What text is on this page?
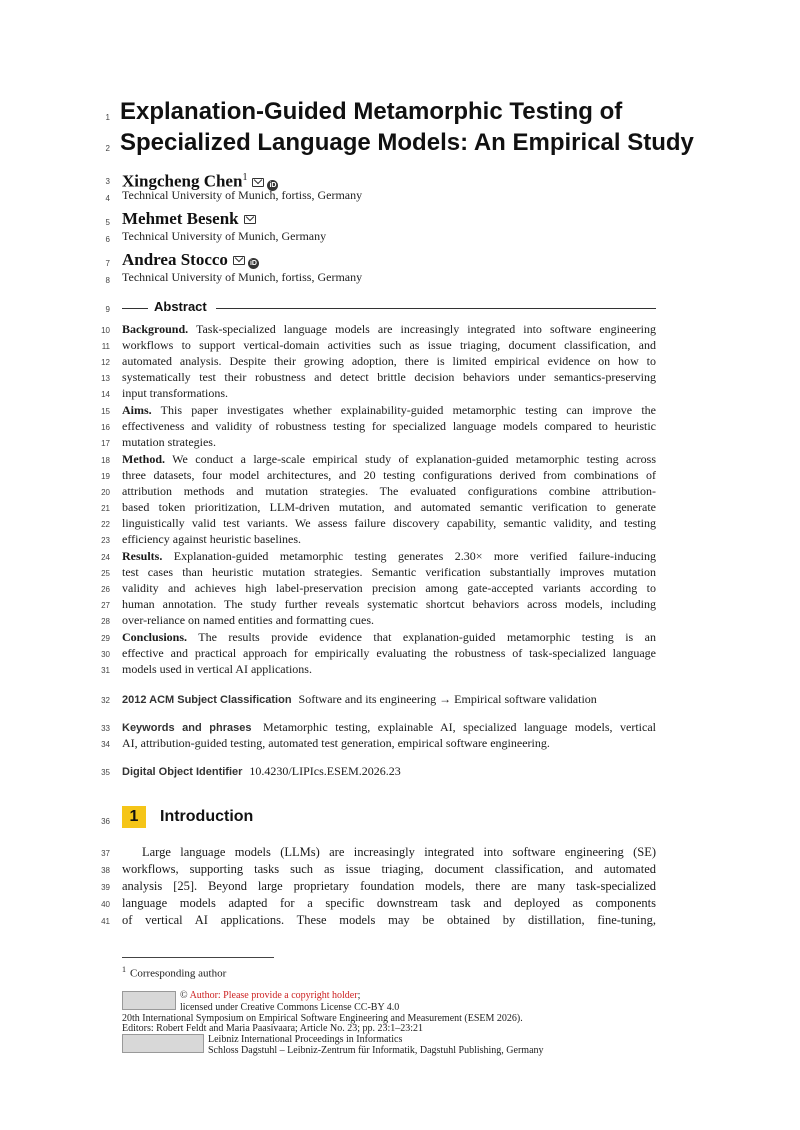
1
2
3
4
5
6
7
8
9
10
11
12
13
14
15
16
17
18
19
20
21
22
23
24
25
26
27
28
29
30
31
32
33
34
35
36
37
38
39
40
41
Explanation-Guided Metamorphic Testing of
Specialized Language Models: An Empirical Study
Xingcheng Chen$^1$iD
Technical University of Munich, fortiss, Germany
Mehmet Besenk
Technical University of Munich, Germany
Andrea Stocco	iD
Technical University of Munich, fortiss, Germany
Abstract
Background. Task-specialized language models are increasingly integrated into software engineering
workflows to support vertical-domain activities such as issue triaging, document classification, and
automated analysis. Despite their growing adoption, there is limited empirical evidence on how to
systematically test their robustness and detect brittle decision behaviors under semantics-preserving
input transformations.
Aims. This paper investigates whether explainability-guided metamorphic testing can improve the
effectiveness and validity of robustness testing for specialized language models compared to heuristic
mutation strategies.
Method. We conduct a large-scale empirical study of explanation-guided metamorphic testing across
three datasets, four model architectures, and 20 testing configurations derived from combinations of
attribution methods and mutation strategies. The evaluated configurations combine attribution-
based token prioritization, LLM-driven mutation, and automated semantic verification to generate
linguistically valid test variants. We assess failure discovery capability, semantic validity, and testing
efficiency against heuristic baselines.
Results. Explanation-guided metamorphic testing generates 2.30× more verified failure-inducing
test cases than heuristic mutation strategies. Semantic verification substantially improves mutation
validity and achieves high label-preservation precision among gate-accepted variants according to
human annotation. The study further reveals systematic shortcut behaviors across models, including
over-reliance on named entities and formatting cues.
Conclusions. The results provide evidence that explanation-guided metamorphic testing is an
effective and practical approach for empirically evaluating the robustness of task-specialized language
models used in vertical AI applications.
2012 ACM Subject Classification Software and its engineering → Empirical software validation
Keywords and phrases Metamorphic testing, explainable AI, specialized language models, vertical
AI, attribution-guided testing, automated test generation, empirical software engineering.
Digital Object Identifier 10.4230/LIPIcs.ESEM.2026.23
1 Introduction
Large language models (LLMs) are increasingly integrated into software engineering (SE)
workflows, supporting tasks such as issue triaging, document classification, and automated
analysis [25]. Beyond large proprietary foundation models, there are many task-specialized
language models adapted for a specific downstream task and deployed as components
of vertical AI applications. These models may be obtained by distillation, fine-tuning,
$^1$ Corresponding author
© Author: Please provide a copyright holder;
licensed under Creative Commons License CC-BY 4.0
20th International Symposium on Empirical Software Engineering and Measurement (ESEM 2026).
Editors: Robert Feldt and Maria Paasivaara; Article No. 23; pp. 23:1–23:21
Leibniz International Proceedings in Informatics
Schloss Dagstuhl – Leibniz-Zentrum für Informatik, Dagstuhl Publishing, Germany
